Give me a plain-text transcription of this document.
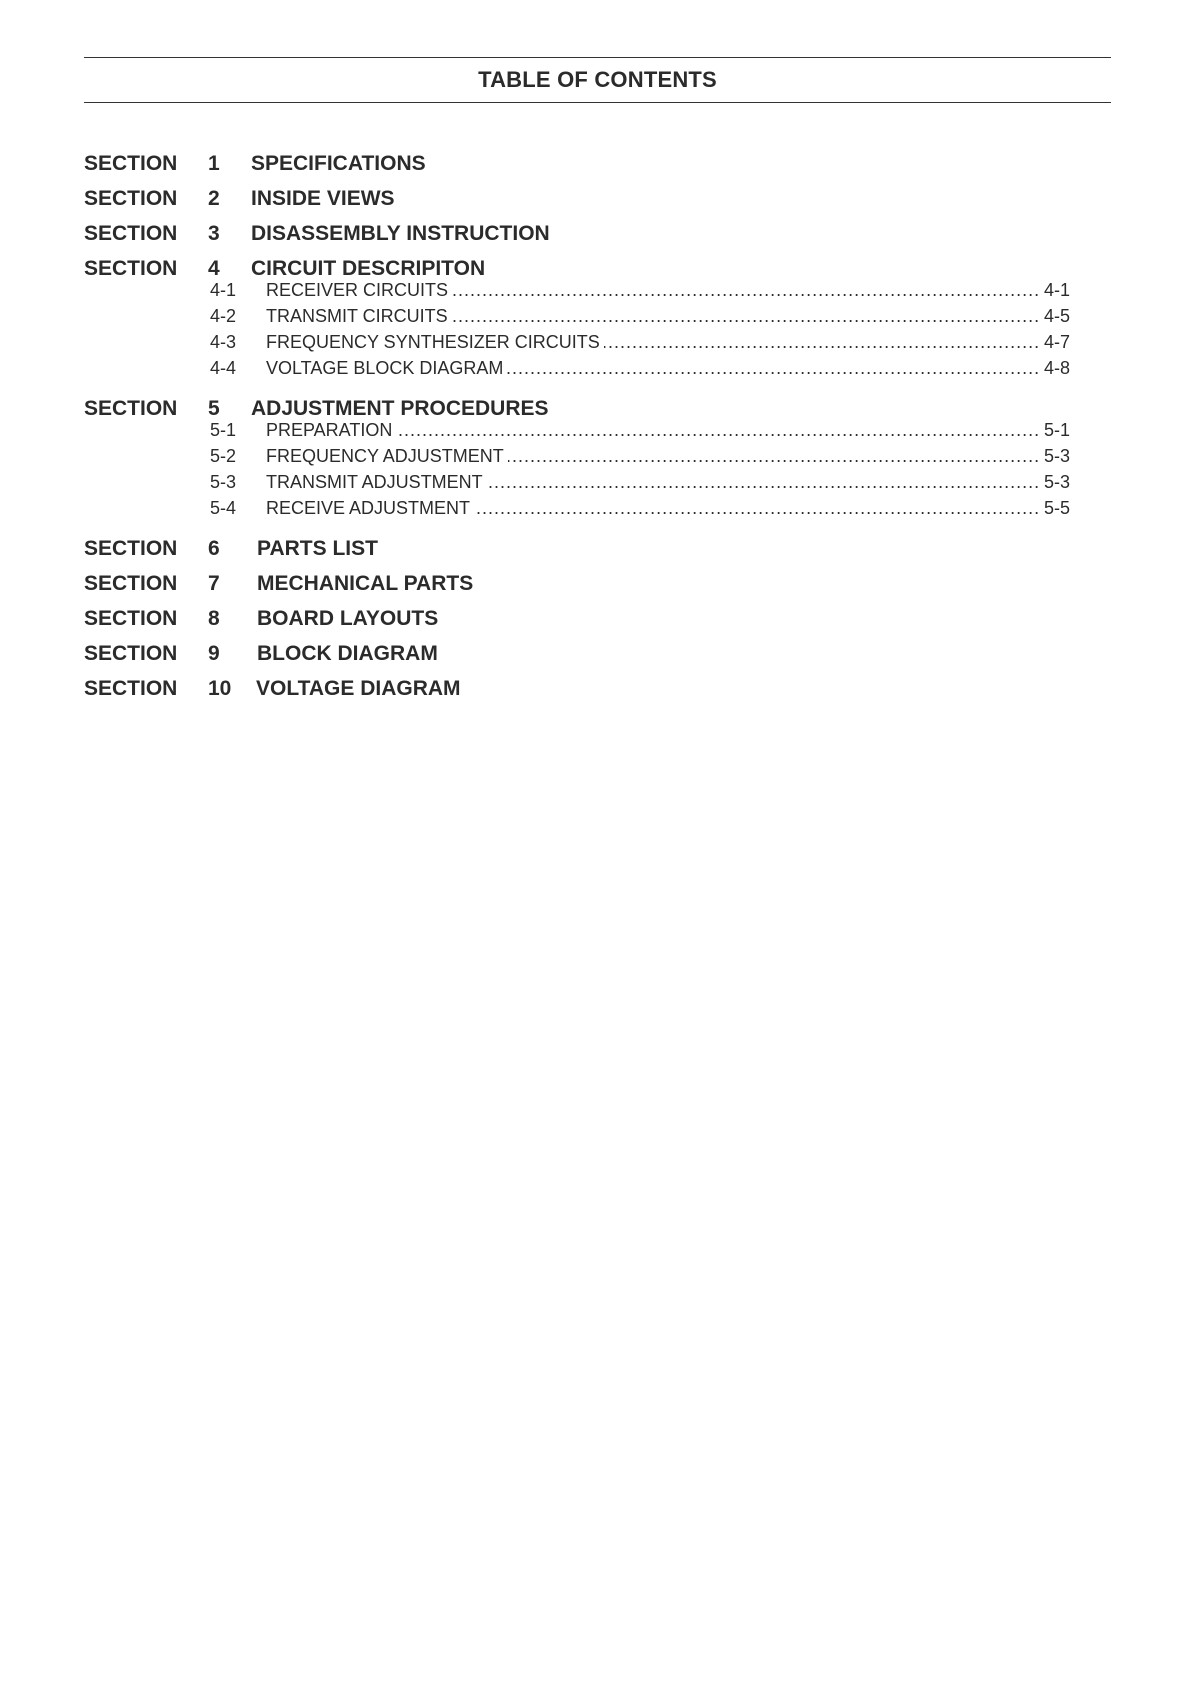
TABLE OF CONTENTS
SECTION 1 SPECIFICATIONS
SECTION 2 INSIDE VIEWS
SECTION 3 DISASSEMBLY INSTRUCTION
SECTION 4 CIRCUIT DESCRIPITON
4-1 RECEIVER CIRCUITS .....	4-1
4-2 TRANSMIT CIRCUITS .....	4-5
4-3 FREQUENCY SYNTHESIZER CIRCUITS .....	4-7
4-4 VOLTAGE BLOCK DIAGRAM .....	4-8
SECTION 5 ADJUSTMENT PROCEDURES
5-1 PREPARATION .....	5-1
5-2 FREQUENCY ADJUSTMENT .....	5-3
5-3 TRANSMIT ADJUSTMENT .....	5-3
5-4 RECEIVE ADJUSTMENT .....	5-5
SECTION 6 PARTS LIST
SECTION 7 MECHANICAL PARTS
SECTION 8 BOARD LAYOUTS
SECTION 9 BLOCK DIAGRAM
SECTION 10 VOLTAGE DIAGRAM
